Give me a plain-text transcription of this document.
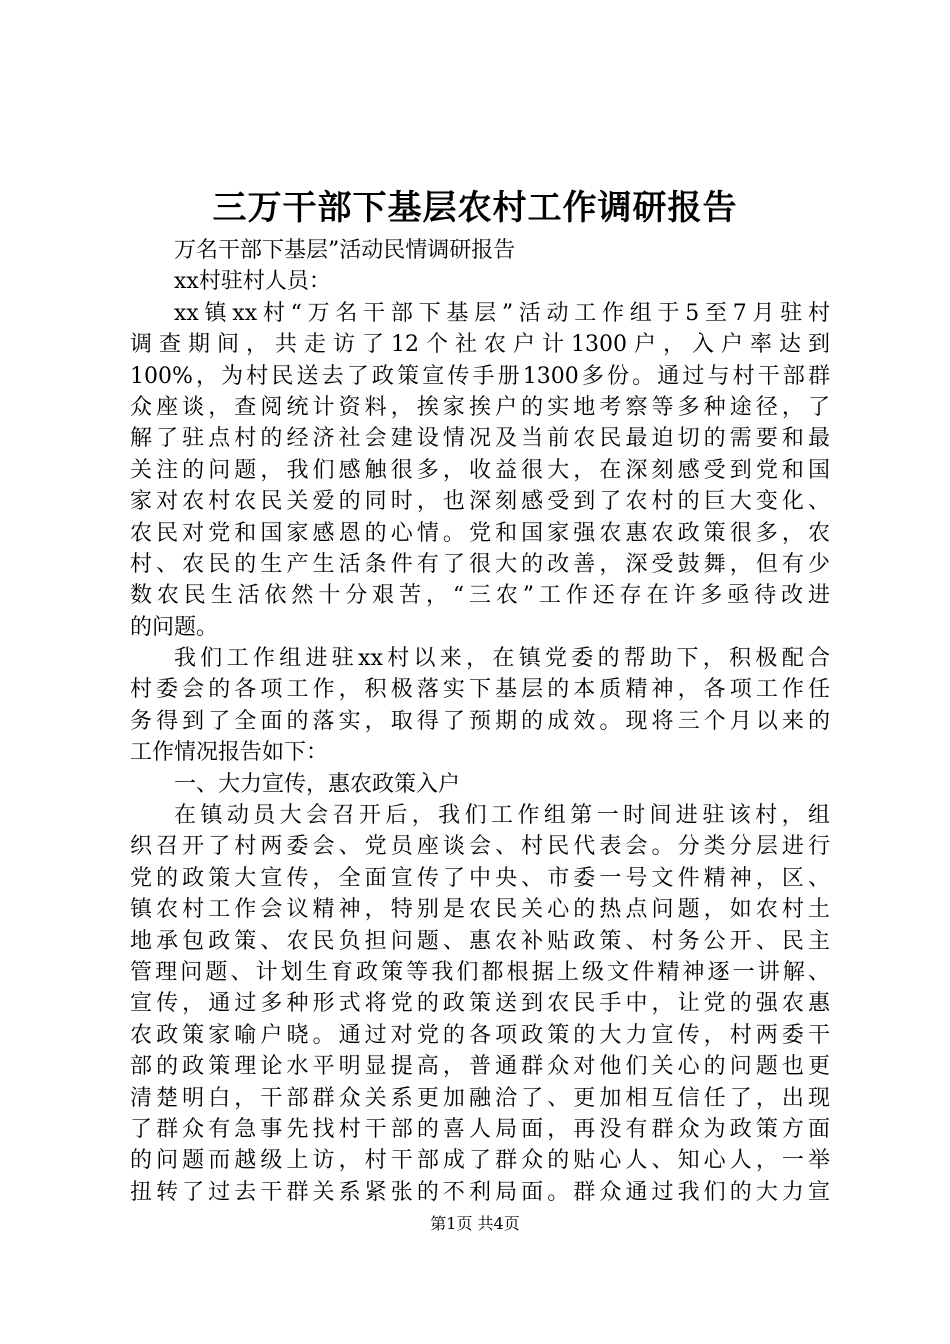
三万干部下基层农村工作调研报告
万名干部下基层”活动民情调研报告
xx村驻村人员：
xx镇xx村“万名干部下基层”活动工作组于5至7月驻村
调查期间，共走访了12个社农户计1300户，入户率达到
100%，为村民送去了政策宣传手册1300多份。通过与村干部群
众座谈，查阅统计资料，挨家挨户的实地考察等多种途径，了
解了驻点村的经济社会建设情况及当前农民最迫切的需要和最
关注的问题，我们感触很多，收益很大，在深刻感受到党和国
家对农村农民关爱的同时，也深刻感受到了农村的巨大变化、
农民对党和国家感恩的心情。党和国家强农惠农政策很多，农
村、农民的生产生活条件有了很大的改善，深受鼓舞，但有少
数农民生活依然十分艰苦，“三农”工作还存在许多亟待改进
的问题。
我们工作组进驻xx村以来，在镇党委的帮助下，积极配合
村委会的各项工作，积极落实下基层的本质精神，各项工作任
务得到了全面的落实，取得了预期的成效。现将三个月以来的
工作情况报告如下：
一、大力宣传，惠农政策入户
在镇动员大会召开后，我们工作组第一时间进驻该村，组
织召开了村两委会、党员座谈会、村民代表会。分类分层进行
党的政策大宣传，全面宣传了中央、市委一号文件精神，区、
镇农村工作会议精神，特别是农民关心的热点问题，如农村土
地承包政策、农民负担问题、惠农补贴政策、村务公开、民主
管理问题、计划生育政策等我们都根据上级文件精神逐一讲解、
宣传，通过多种形式将党的政策送到农民手中，让党的强农惠
农政策家喻户晓。通过对党的各项政策的大力宣传，村两委干
部的政策理论水平明显提高，普通群众对他们关心的问题也更
清楚明白，干部群众关系更加融洽了、更加相互信任了，出现
了群众有急事先找村干部的喜人局面，再没有群众为政策方面
的问题而越级上访，村干部成了群众的贴心人、知心人，一举
扭转了过去干群关系紧张的不利局面。群众通过我们的大力宣
第1页 共4页
